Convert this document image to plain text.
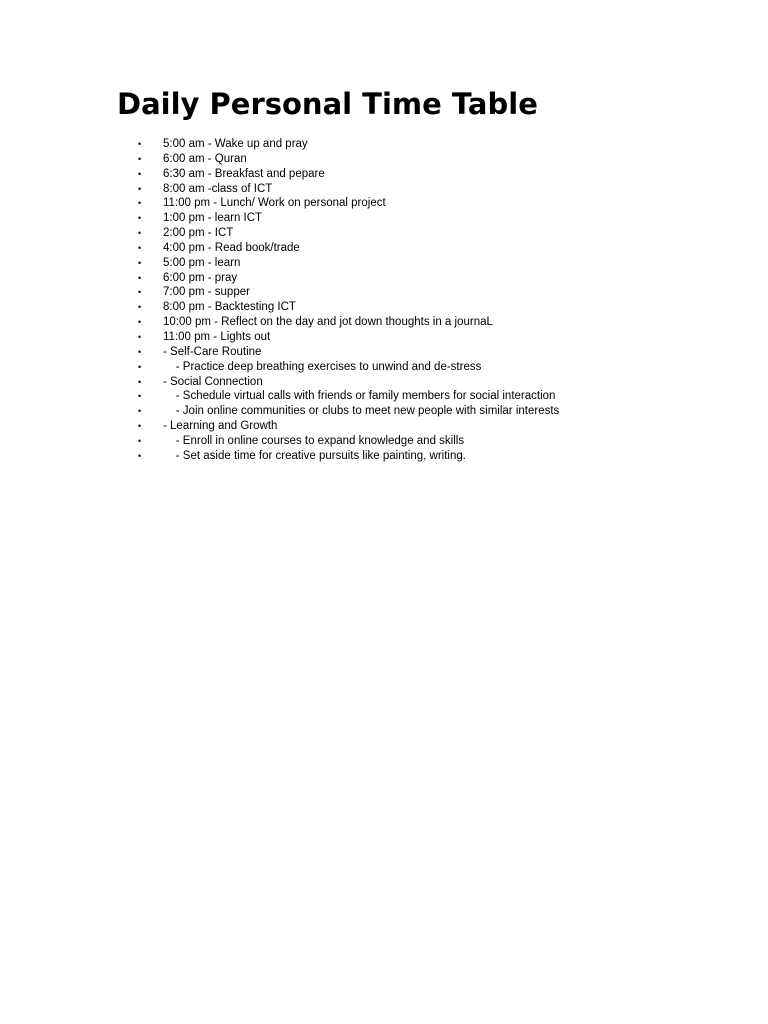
Daily Personal Time Table
• 5:00 am - Wake up and pray
• 6:00 am - Quran
• 6:30 am - Breakfast and pepare
• 8:00 am -class of ICT
• 11:00 pm - Lunch/ Work on personal project
• 1:00 pm - learn ICT
• 2:00 pm - ICT
• 4:00 pm - Read book/trade
• 5:00 pm - learn
• 6:00 pm - pray
• 7:00 pm - supper
• 8:00 pm - Backtesting ICT
• 10:00 pm - Reflect on the day and jot down thoughts in a journaL
• 11:00 pm - Lights out
• - Self-Care Routine
• - Practice deep breathing exercises to unwind and de-stress
• - Social Connection
• - Schedule virtual calls with friends or family members for social interaction
• - Join online communities or clubs to meet new people with similar interests
• - Learning and Growth
• - Enroll in online courses to expand knowledge and skills
• - Set aside time for creative pursuits like painting, writing.
